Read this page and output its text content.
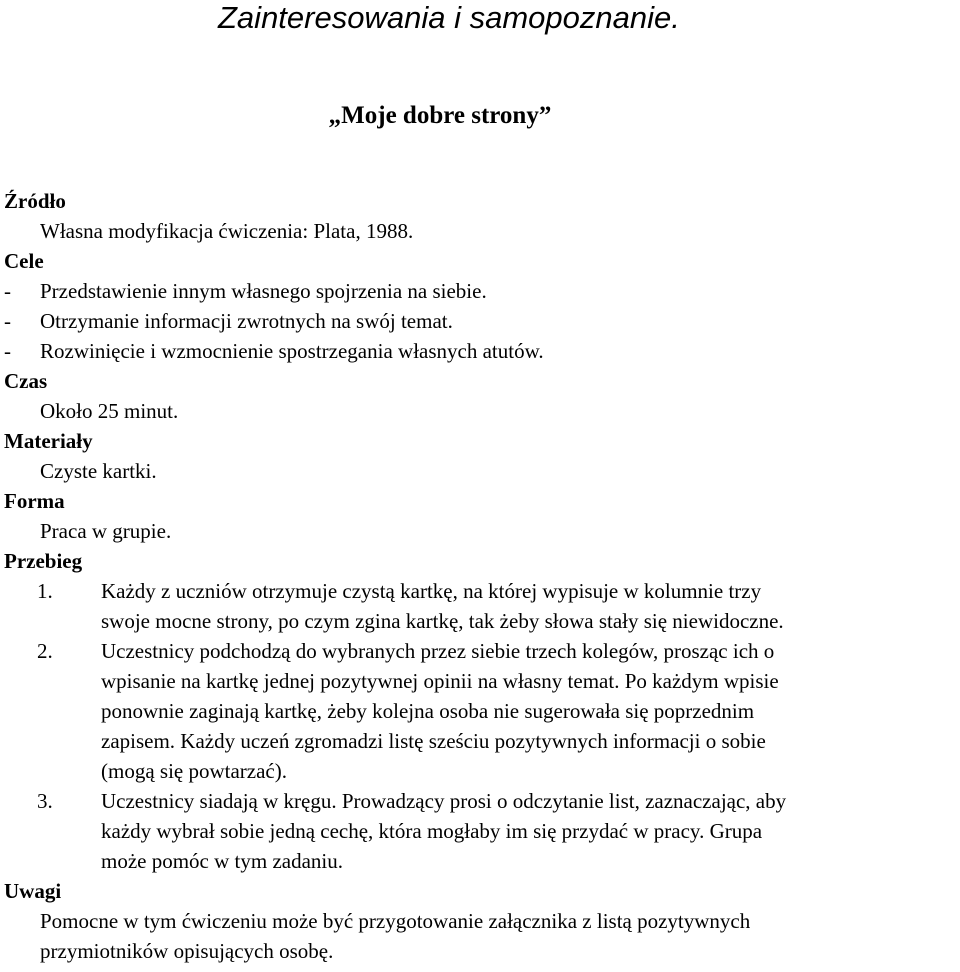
Zainteresowania i samopoznanie.
„Moje dobre strony”

Źródło

Własna modyfikacja ćwiczenia: Plata, 1988.

Cele

-	Przedstawienie innym własnego spojrzenia na siebie.
-	Otrzymanie informacji zwrotnych na swój temat.
-	Rozwinięcie i wzmocnienie spostrzegania własnych atutów.

Czas

Około 25 minut.

Materiały

Czyste kartki.

Forma

Praca w grupie.

Przebieg

1.	Każdy z uczniów otrzymuje czystą kartkę, na której wypisuje w kolumnie trzy
swoje mocne strony, po czym zgina kartkę, tak żeby słowa stały się niewidoczne.
2.	Uczestnicy podchodzą do wybranych przez siebie trzech kolegów, prosząc ich o
wpisanie na kartkę jednej pozytywnej opinii na własny temat. Po każdym wpisie
ponownie zaginają kartkę, żeby kolejna osoba nie sugerowała się poprzednim
zapisem. Każdy uczeń zgromadzi listę sześciu pozytywnych informacji o sobie
(mogą się powtarzać).
3.	Uczestnicy siadają w kręgu. Prowadzący prosi o odczytanie list, zaznaczając, aby
każdy wybrał sobie jedną cechę, która mogłaby im się przydać w pracy. Grupa
może pomóc w tym zadaniu.

Uwagi

Pomocne w tym ćwiczeniu może być przygotowanie załącznika z listą pozytywnych
przymiotników opisujących osobę.
